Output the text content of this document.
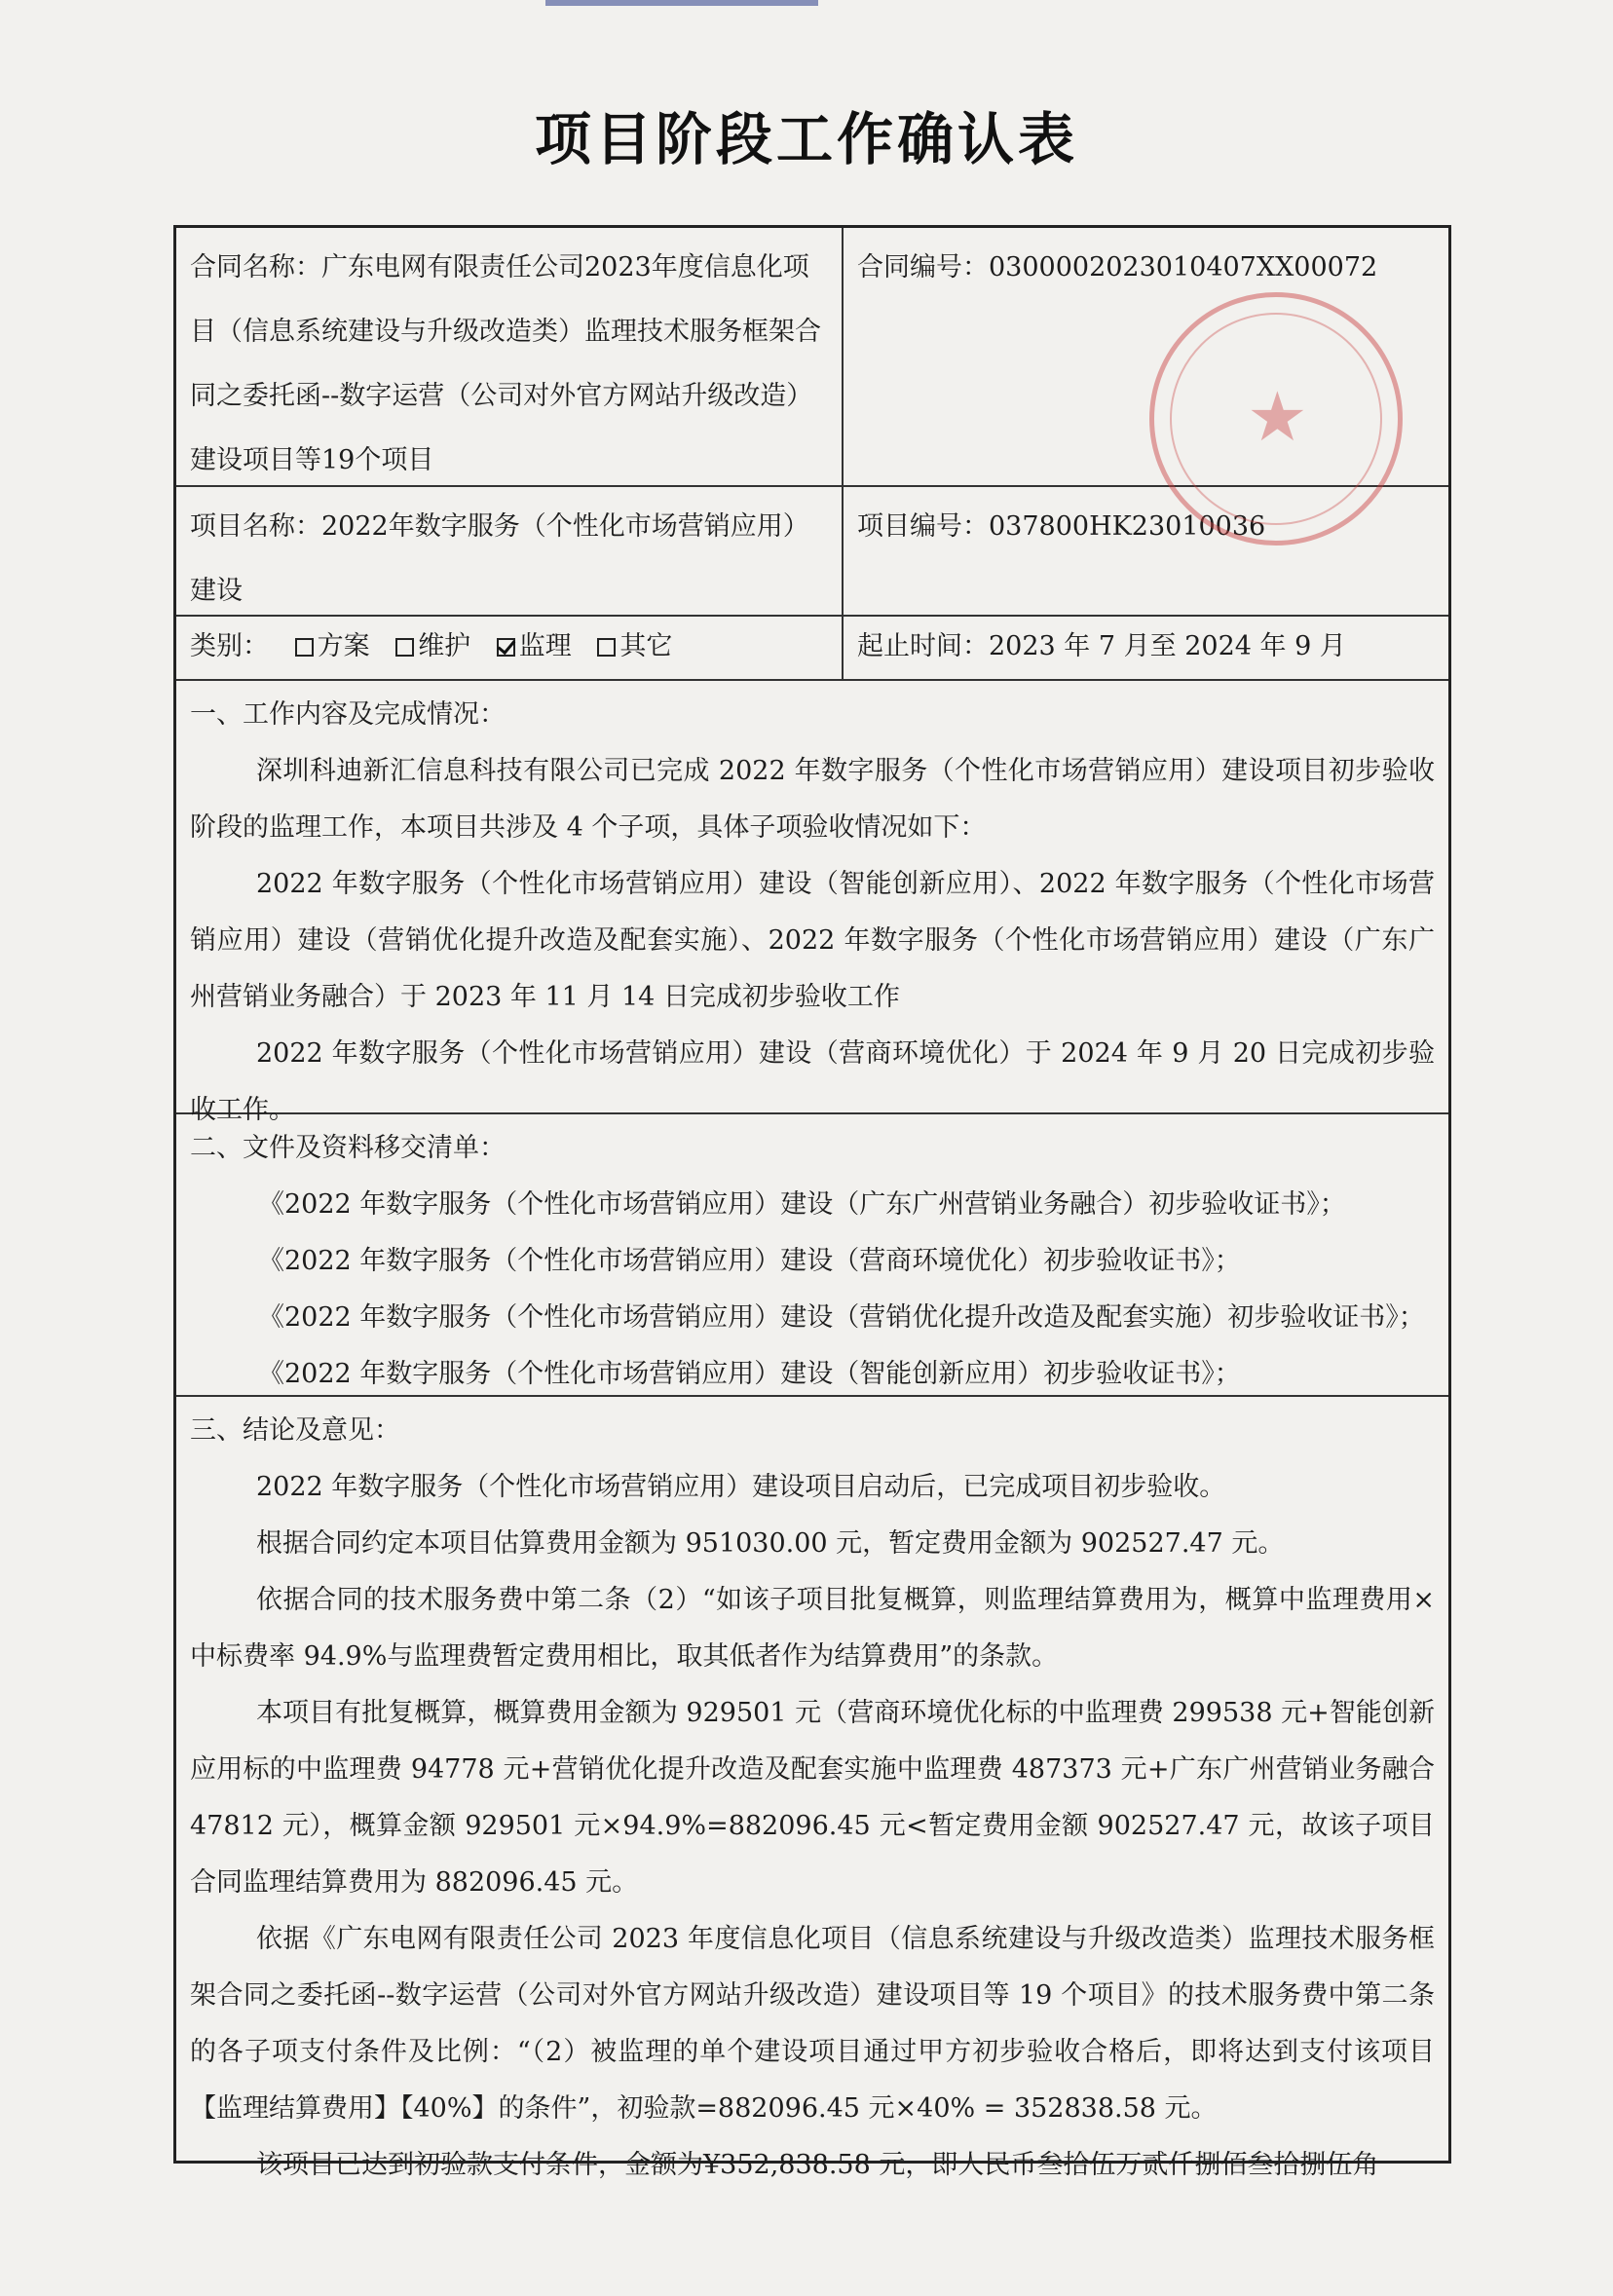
项目阶段工作确认表
合同名称：广东电网有限责任公司2023年度信息化项目（信息系统建设与升级改造类）监理技术服务框架合同之委托函--数字运营（公司对外官方网站升级改造）建设项目等19个项目
合同编号：0300002023010407XX00072
项目名称：2022年数字服务（个性化市场营销应用）建设
项目编号：037800HK23010036
类别： 方案 维护 监理 其它	起止时间：2023 年 7 月至 2024 年 9 月
一、工作内容及完成情况：
深圳科迪新汇信息科技有限公司已完成 2022 年数字服务（个性化市场营销应用）建设项目初步验收阶段的监理工作，本项目共涉及 4 个子项，具体子项验收情况如下：
2022 年数字服务（个性化市场营销应用）建设（智能创新应用）、2022 年数字服务（个性化市场营销应用）建设（营销优化提升改造及配套实施）、2022 年数字服务（个性化市场营销应用）建设（广东广州营销业务融合）于 2023 年 11 月 14 日完成初步验收工作
2022 年数字服务（个性化市场营销应用）建设（营商环境优化）于 2024 年 9 月 20 日完成初步验收工作。
二、文件及资料移交清单：
《2022 年数字服务（个性化市场营销应用）建设（广东广州营销业务融合）初步验收证书》；
《2022 年数字服务（个性化市场营销应用）建设（营商环境优化）初步验收证书》；
《2022 年数字服务（个性化市场营销应用）建设（营销优化提升改造及配套实施）初步验收证书》；
《2022 年数字服务（个性化市场营销应用）建设（智能创新应用）初步验收证书》；
三、结论及意见：
2022 年数字服务（个性化市场营销应用）建设项目启动后，已完成项目初步验收。
根据合同约定本项目估算费用金额为 951030.00 元，暂定费用金额为 902527.47 元。
依据合同的技术服务费中第二条（2）“如该子项目批复概算，则监理结算费用为，概算中监理费用×中标费率 94.9%与监理费暂定费用相比，取其低者作为结算费用”的条款。
本项目有批复概算，概算费用金额为 929501 元（营商环境优化标的中监理费 299538 元+智能创新应用标的中监理费 94778 元+营销优化提升改造及配套实施中监理费 487373 元+广东广州营销业务融合 47812 元），概算金额 929501 元×94.9%=882096.45 元<暂定费用金额 902527.47 元，故该子项目合同监理结算费用为 882096.45 元。
依据《广东电网有限责任公司 2023 年度信息化项目（信息系统建设与升级改造类）监理技术服务框架合同之委托函--数字运营（公司对外官方网站升级改造）建设项目等 19 个项目》的技术服务费中第二条的各子项支付条件及比例：“（2）被监理的单个建设项目通过甲方初步验收合格后，即将达到支付该项目【监理结算费用】【40%】的条件”，初验款=882096.45 元×40% = 352838.58 元。
该项目已达到初验款支付条件，金额为¥352,838.58 元，即人民币叁拾伍万贰仟捌佰叁拾捌伍角
★
